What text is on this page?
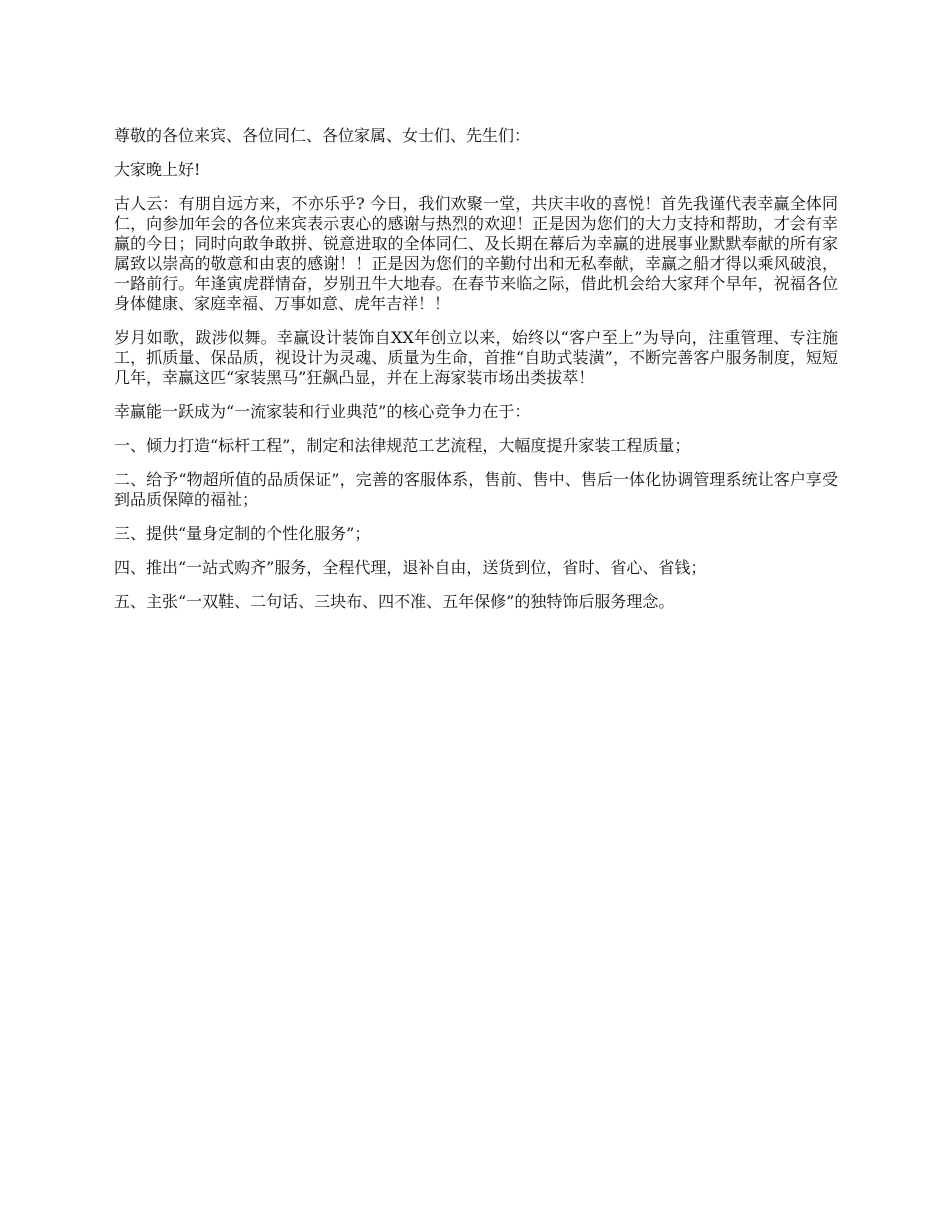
尊敬的各位来宾、各位同仁、各位家属、女士们、先生们：

大家晚上好!

古人云：有朋自远方来，不亦乐乎? 今日，我们欢聚一堂，共庆丰收的喜悦！首先我谨代表幸赢全体同仁，向参加年会的各位来宾表示衷心的感谢与热烈的欢迎！正是因为您们的大力支持和帮助，才会有幸赢的今日；同时向敢争敢拼、锐意进取的全体同仁、及长期在幕后为幸赢的进展事业默默奉献的所有家属致以崇高的敬意和由衷的感谢！！正是因为您们的辛勤付出和无私奉献，幸赢之船才得以乘风破浪，一路前行。年逢寅虎群情奋，岁别丑牛大地春。在春节来临之际，借此机会给大家拜个早年，祝福各位身体健康、家庭幸福、万事如意、虎年吉祥！！

岁月如歌，跋涉似舞。幸赢设计装饰自XX年创立以来，始终以“客户至上”为导向，注重管理、专注施工，抓质量、保品质，视设计为灵魂、质量为生命，首推“自助式装潢”，不断完善客户服务制度，短短几年，幸赢这匹“家装黑马”狂飙凸显，并在上海家装市场出类拔萃！

幸赢能一跃成为“一流家装和行业典范”的核心竞争力在于：

一、倾力打造“标杆工程”，制定和法律规范工艺流程，大幅度提升家装工程质量；

二、给予“物超所值的品质保证”，完善的客服体系，售前、售中、售后一体化协调管理系统让客户享受到品质保障的福祉；

三、提供“量身定制的个性化服务”；

四、推出“一站式购齐”服务，全程代理，退补自由，送货到位，省时、省心、省钱；

五、主张“一双鞋、二句话、三块布、四不准、五年保修”的独特饰后服务理念。
